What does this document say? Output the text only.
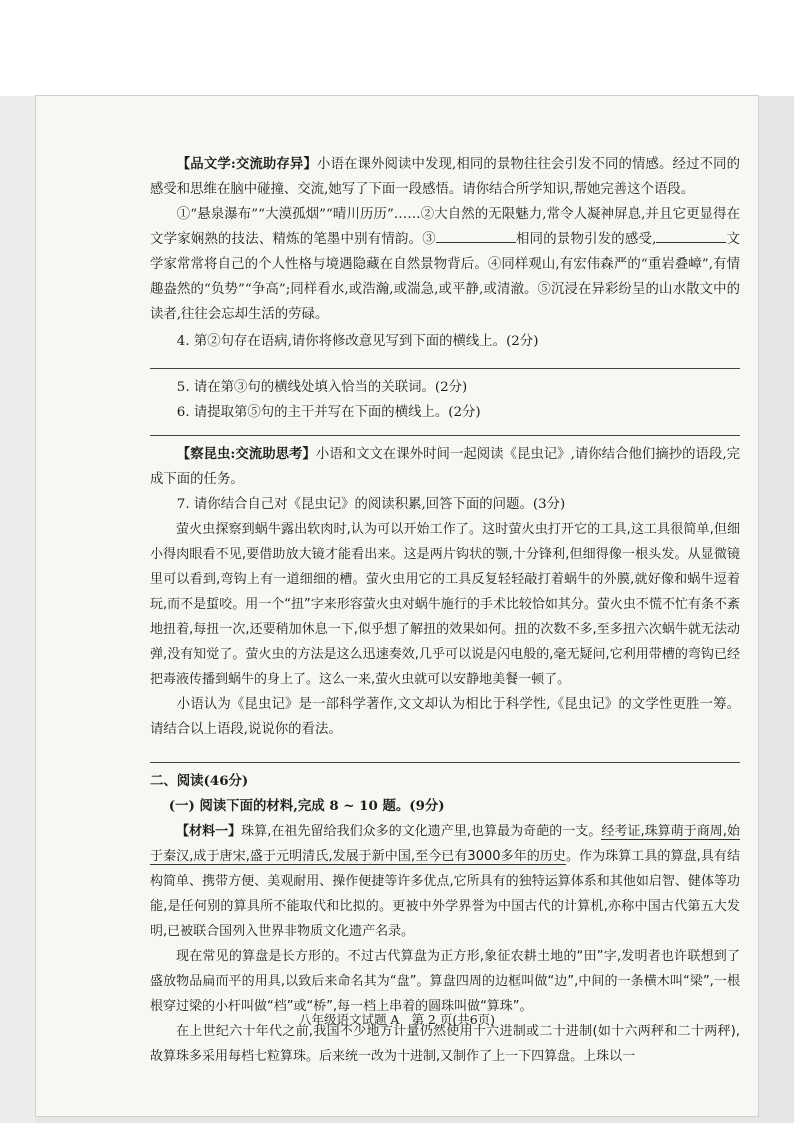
【品文学:交流助存异】小语在课外阅读中发现,相同的景物往往会引发不同的情感。经过不同的感受和思维在脑中碰撞、交流,她写了下面一段感悟。请你结合所学知识,帮她完善这个语段。

①“悬泉瀑布”“大漠孤烟”“晴川历历”……②大自然的无限魅力,常令人凝神屏息,并且它更显得在文学家娴熟的技法、精炼的笔墨中别有情韵。③	相同的景物引发的感受,	文学家常常将自己的个人性格与境遇隐藏在自然景物背后。④同样观山,有宏伟森严的“重岩叠嶂”,有情趣盎然的“负势”“争高”;同样看水,或浩瀚,或湍急,或平静,或清澈。⑤沉浸在异彩纷呈的山水散文中的读者,往往会忘却生活的劳碌。

4. 第②句存在语病,请你将修改意见写到下面的横线上。(2分)

5. 请在第③句的横线处填入恰当的关联词。(2分)

6. 请提取第⑤句的主干并写在下面的横线上。(2分)

【察昆虫:交流助思考】小语和文文在课外时间一起阅读《昆虫记》,请你结合他们摘抄的语段,完成下面的任务。

7. 请你结合自己对《昆虫记》的阅读积累,回答下面的问题。(3分)

萤火虫探察到蜗牛露出软肉时,认为可以开始工作了。这时萤火虫打开它的工具,这工具很简单,但细小得肉眼看不见,要借助放大镜才能看出来。这是两片钩状的颚,十分锋利,但细得像一根头发。从显微镜里可以看到,弯钩上有一道细细的槽。萤火虫用它的工具反复轻轻敲打着蜗牛的外膜,就好像和蜗牛逗着玩,而不是蜇咬。用一个“扭”字来形容萤火虫对蜗牛施行的手术比较恰如其分。萤火虫不慌不忙有条不紊地扭着,每扭一次,还要稍加休息一下,似乎想了解扭的效果如何。扭的次数不多,至多扭六次蜗牛就无法动弹,没有知觉了。萤火虫的方法是这么迅速奏效,几乎可以说是闪电般的,毫无疑问,它利用带槽的弯钩已经把毒液传播到蜗牛的身上了。这么一来,萤火虫就可以安静地美餐一顿了。

小语认为《昆虫记》是一部科学著作,文文却认为相比于科学性,《昆虫记》的文学性更胜一筹。请结合以上语段,说说你的看法。

二、阅读(46分)

(一) 阅读下面的材料,完成 8 ~ 10 题。(9分)

【材料一】珠算,在祖先留给我们众多的文化遗产里,也算最为奇葩的一支。经考证,珠算萌于商周,始于秦汉,成于唐宋,盛于元明清氏,发展于新中国,至今已有3000多年的历史。作为珠算工具的算盘,具有结构简单、携带方便、美观耐用、操作便捷等许多优点,它所具有的独特运算体系和其他如启智、健体等功能,是任何别的算具所不能取代和比拟的。更被中外学界誉为中国古代的计算机,亦称中国古代第五大发明,已被联合国列入世界非物质文化遗产名录。

现在常见的算盘是长方形的。不过古代算盘为正方形,象征农耕土地的“田”字,发明者也许联想到了盛放物品扁而平的用具,以致后来命名其为“盘”。算盘四周的边框叫做“边”,中间的一条横木叫“梁”,一根根穿过梁的小杆叫做“档”或“桥”,每一档上串着的圆珠叫做“算珠”。

在上世纪六十年代之前,我国不少地方计量仍然使用十六进制或二十进制(如十六两秤和二十两秤),故算珠多采用每档七粒算珠。后来统一改为十进制,又制作了上一下四算盘。上珠以一

八年级语文试题 A 第 2 页(共6页)
